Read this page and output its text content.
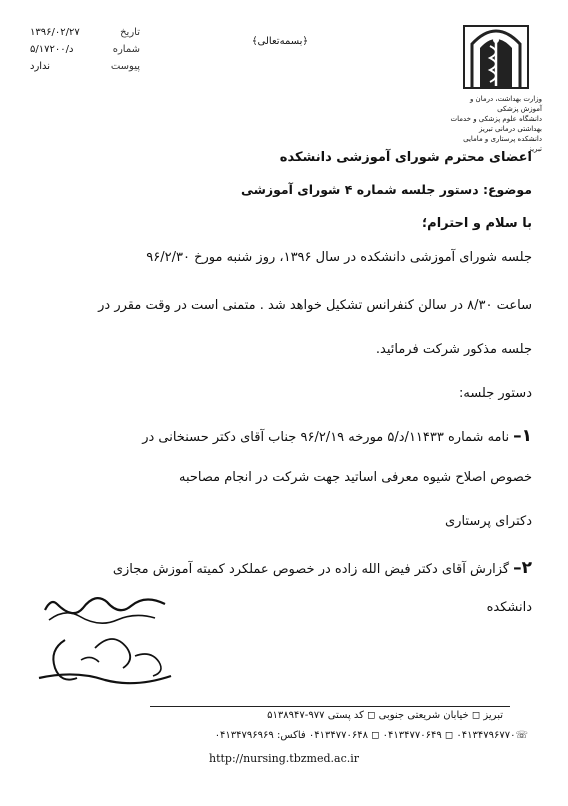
تاریخ
۱۳۹۶/۰۲/۲۷
شماره
۵/د/۱۷۲۰۰
پیوست
ندارد
﴿بسمه‌تعالی﴾
وزارت بهداشت، درمان و آموزش پزشکی
دانشگاه علوم پزشکی و خدمات بهداشتی درمانی تبریز
دانشکده پرستاری و مامایی تبریز
اعضای محترم شورای آموزشی دانشکده
موضوع: دستور جلسه شماره ۴ شورای آموزشی
با سلام و احترام؛
جلسه شورای آموزشی دانشکده در سال ۱۳۹۶، روز شنبه مورخ ۹۶/۲/۳۰
ساعت ۸/۳۰ در سالن کنفرانس تشکیل خواهد شد . متمنی است در وقت مقرر در
جلسه مذکور شرکت فرمائید.
دستور جلسه:
۱–نامه شماره ۱۱۴۳۳/د/۵ مورخه ۹۶/۲/۱۹ جناب آقای دکتر حسنخانی در
خصوص اصلاح شیوه معرفی اساتید جهت شرکت در انجام مصاحبه
دکترای پرستاری
۲–گزارش آقای دکتر فیض الله زاده در خصوص عملکرد کمیته آموزش مجازی
دانشکده
تبریز ◻ خیابان شریعتی جنوبی ◻ کد پستی ۹۷۷-۵۱۳۸۹۴۷
☏۰۴۱۳۴۷۹۶۷۷۰ ◻ ۰۴۱۳۴۷۷۰۶۴۹ ◻ ۰۴۱۳۴۷۷۰۶۴۸ فاکس: ۰۴۱۳۴۷۹۶۹۶۹
http://nursing.tbzmed.ac.ir
